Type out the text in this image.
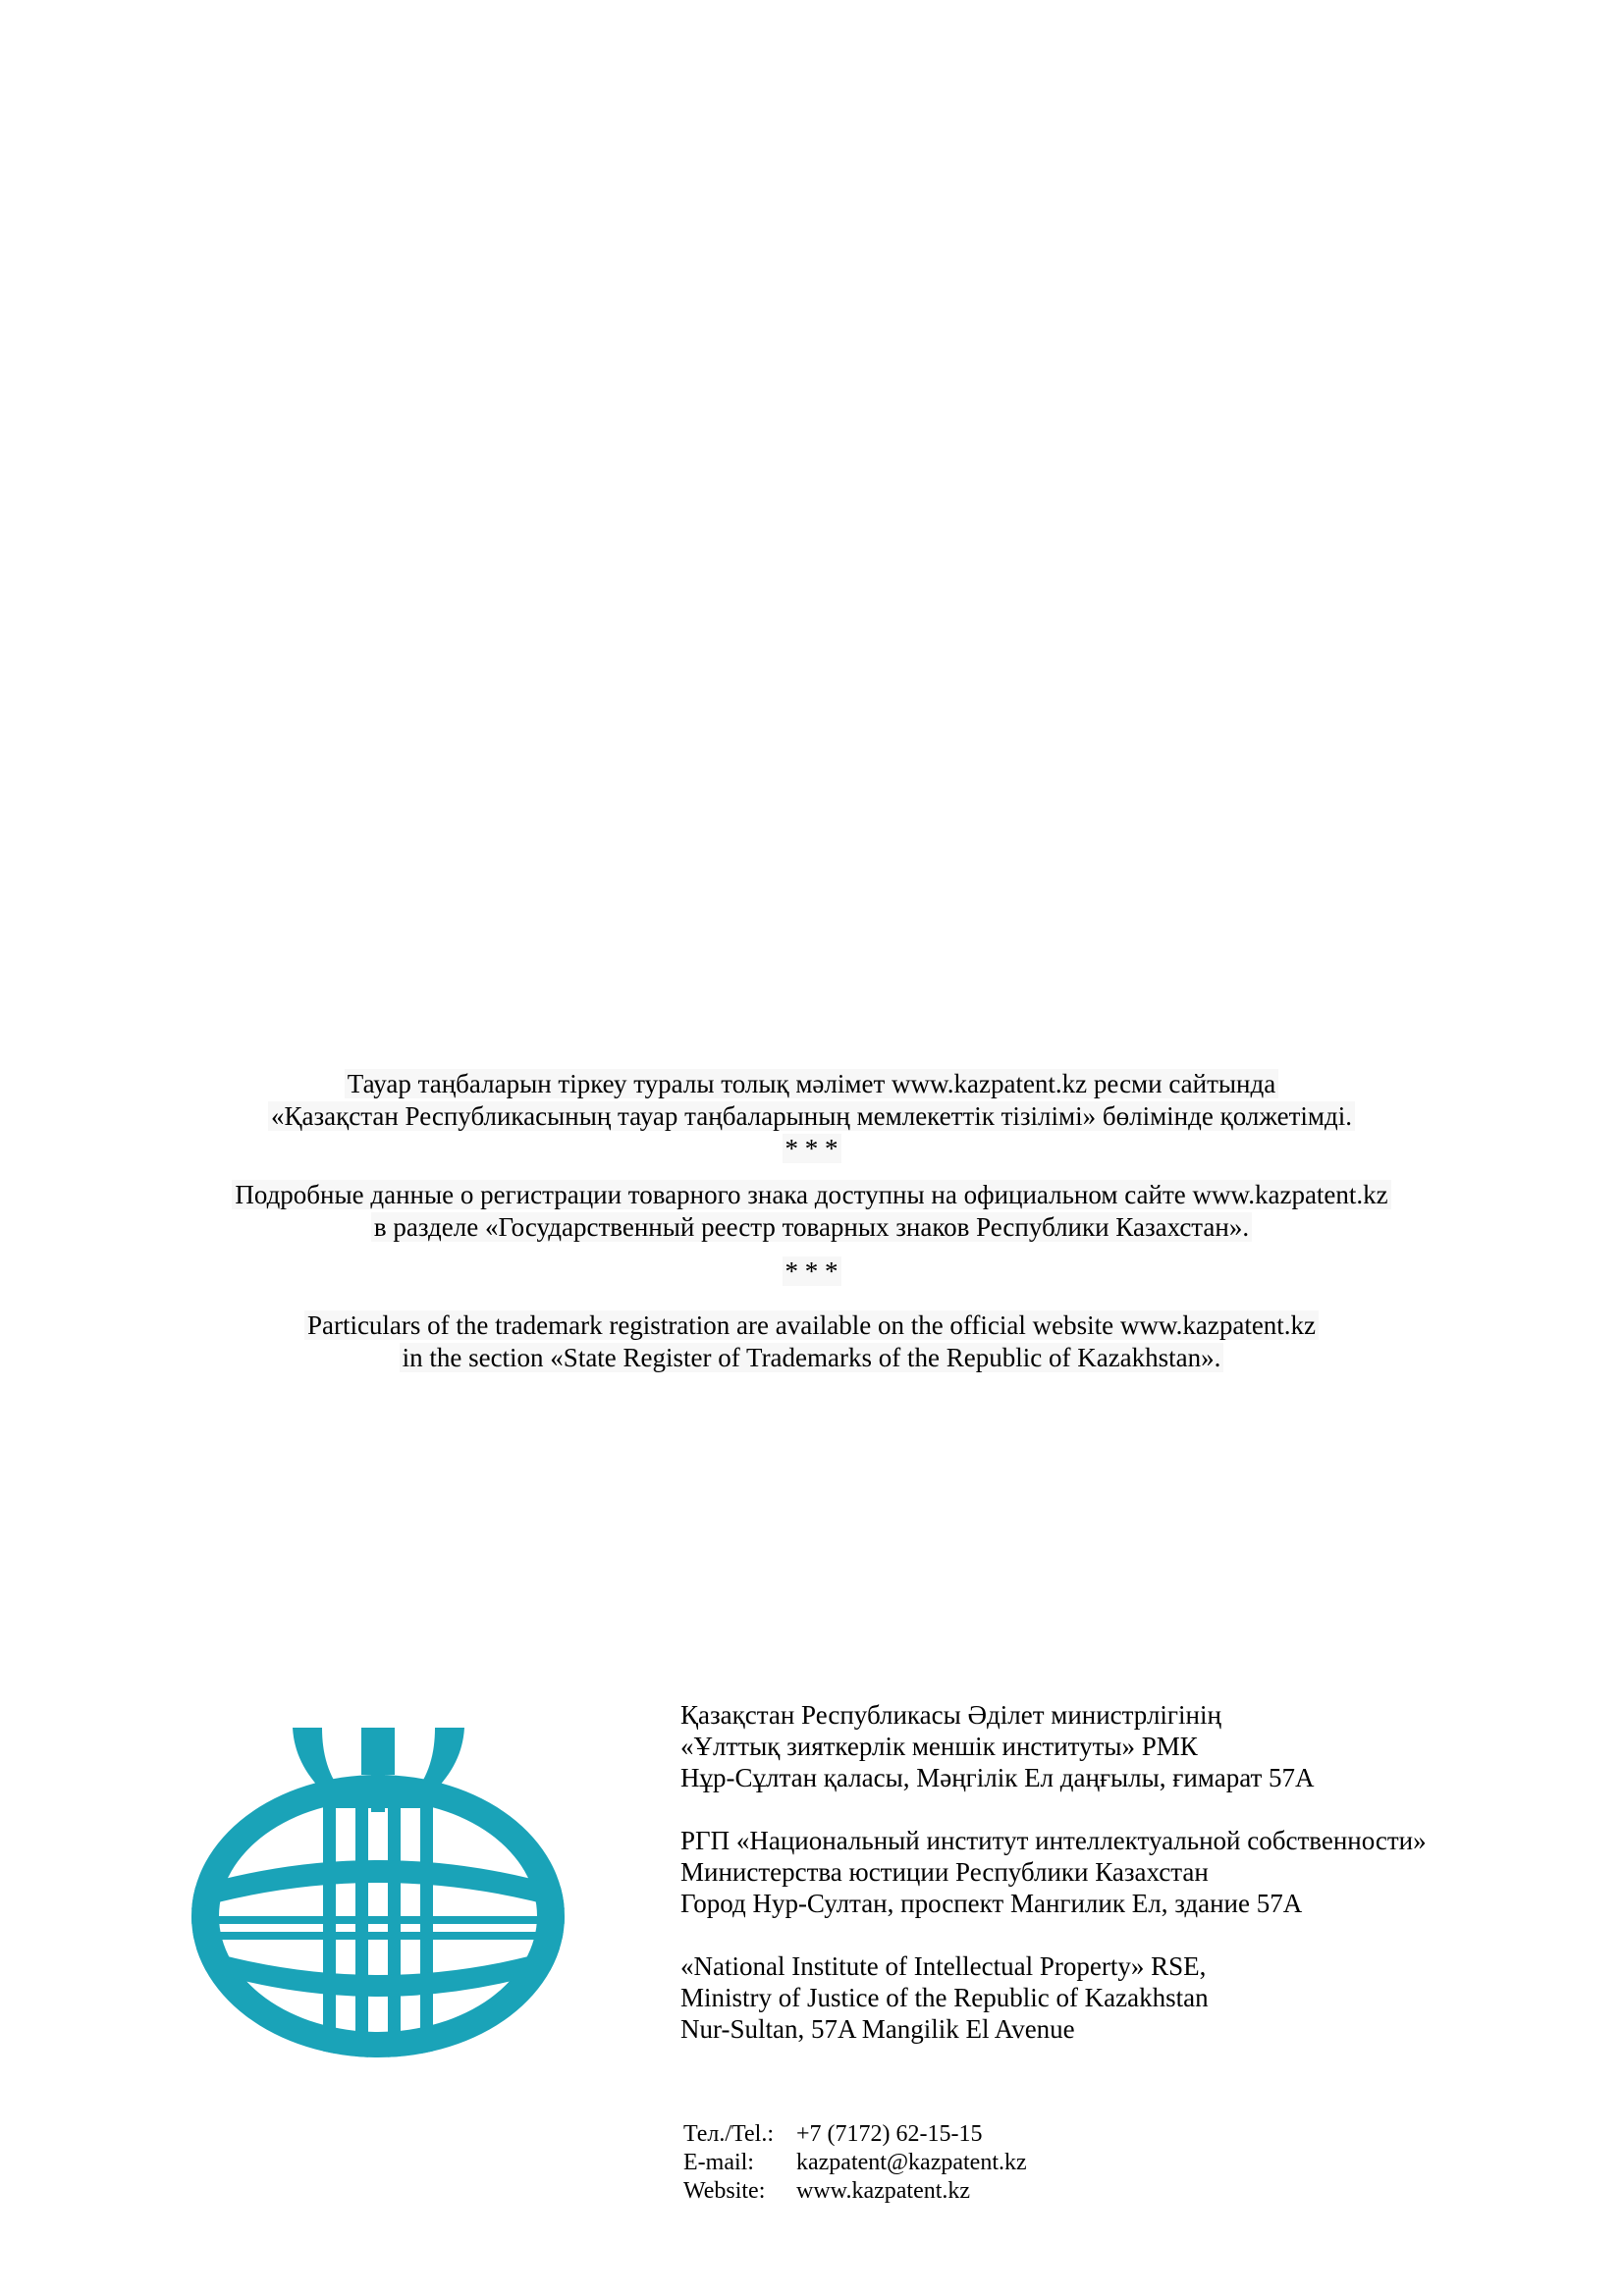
Тауар таңбаларын тіркеу туралы толық мәлімет www.kazpatent.kz ресми сайтында
«Қазақстан Республикасының тауар таңбаларының мемлекеттік тізілімі» бөлімінде қолжетімді.
* * *
Подробные данные о регистрации товарного знака доступны на официальном сайте www.kazpatent.kz
в разделе «Государственный реестр товарных знаков Республики Казахстан».
* * *
Particulars of the trademark registration are available on the official website www.kazpatent.kz
in the section «State Register of Trademarks of the Republic of Kazakhstan».
Қазақстан Республикасы Әділет министрлігінің
«Ұлттық зияткерлік меншік институты» РМК
Нұр-Сұлтан қаласы, Мәңгілік Ел даңғылы, ғимарат 57А
РГП «Национальный институт интеллектуальной собственности»
Министерства юстиции Республики Казахстан
Город Нур-Султан, проспект Мангилик Ел, здание 57А
«National Institute of Intellectual Property» RSE,
Ministry of Justice of the Republic of Kazakhstan
Nur-Sultan, 57A Mangilik El Avenue
Тел./Tel.: +7 (7172) 62-15-15
E-mail:	kazpatent@kazpatent.kz
Website:	www.kazpatent.kz
